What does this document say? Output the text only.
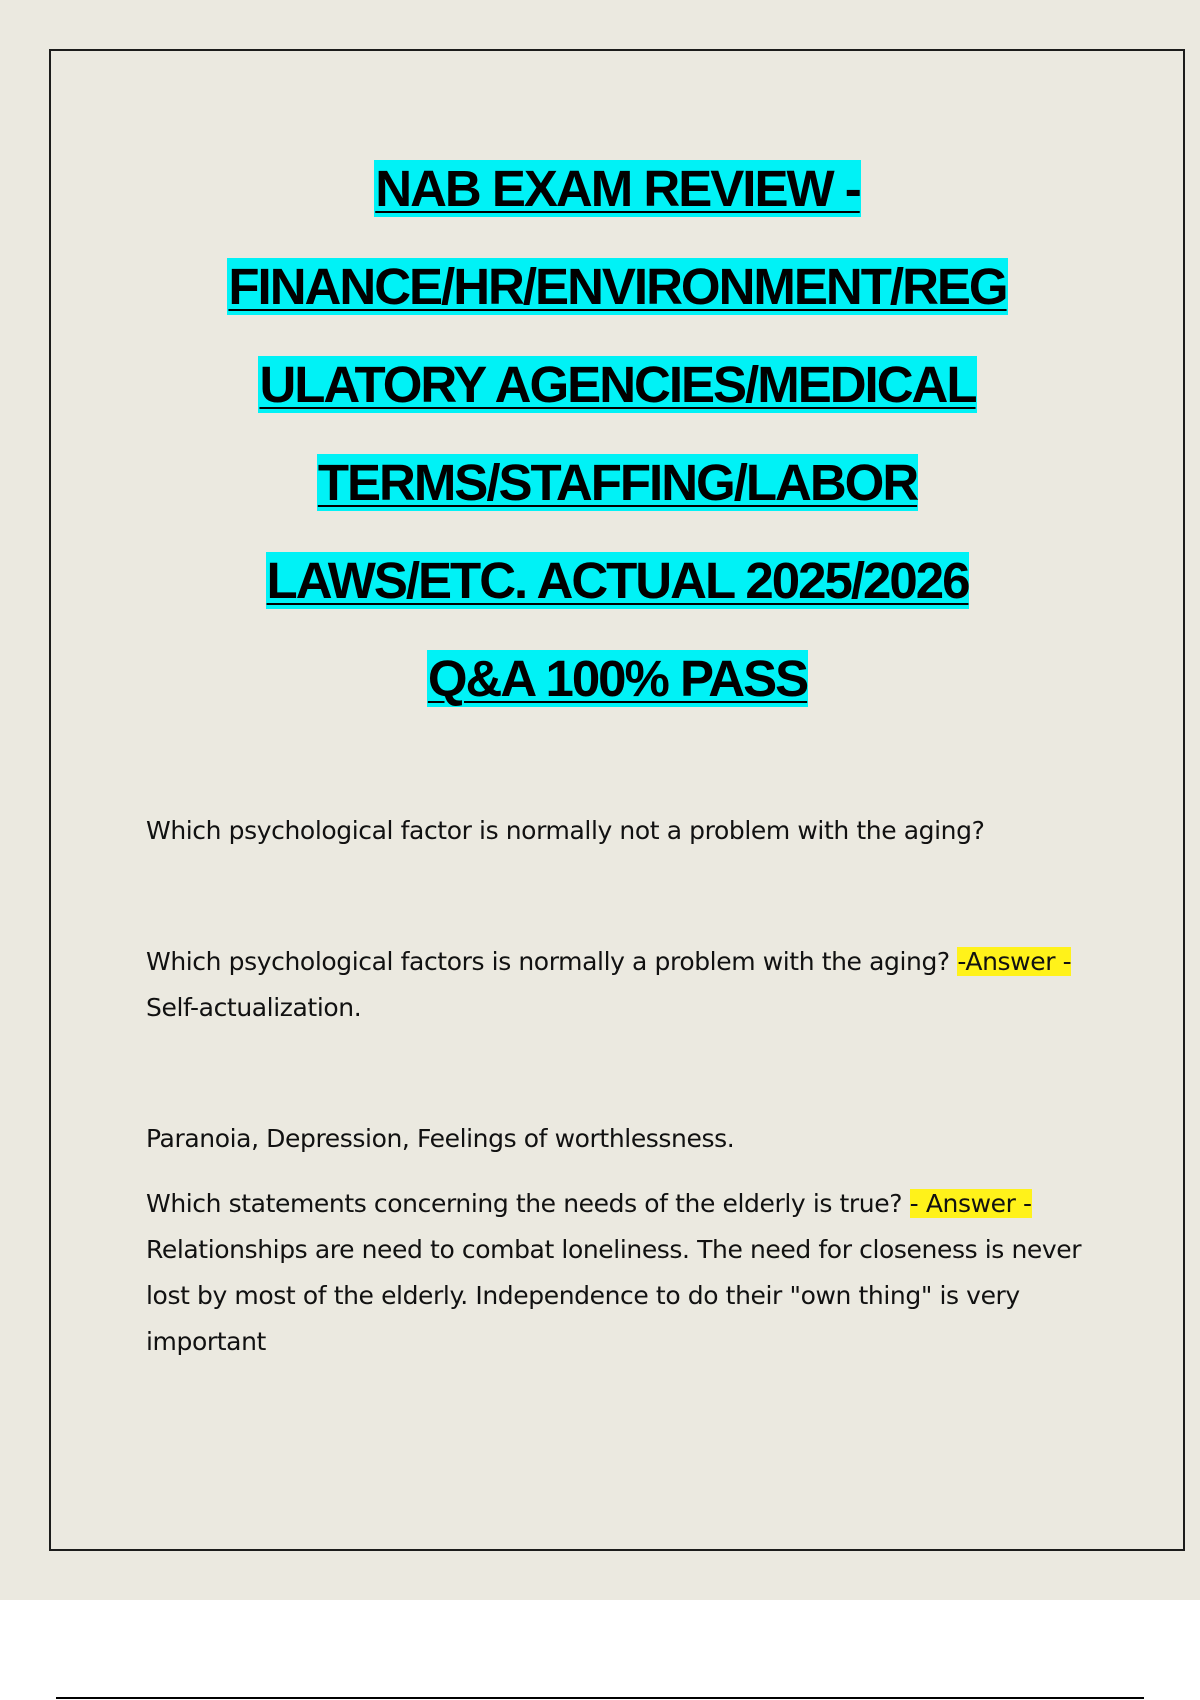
NAB EXAM REVIEW -
FINANCE/HR/ENVIRONMENT/REG
ULATORY AGENCIES/MEDICAL
TERMS/STAFFING/LABOR
LAWS/ETC. ACTUAL 2025/2026
Q&A 100% PASS

Which psychological factor is normally not a problem with the aging?

Which psychological factors is normally a problem with the aging? -Answer -Self-actualization.

Paranoia, Depression, Feelings of worthlessness.

Which statements concerning the needs of the elderly is true? - Answer -Relationships are need to combat loneliness. The need for closeness is never lost by most of the elderly. Independence to do their "own thing" is very important
